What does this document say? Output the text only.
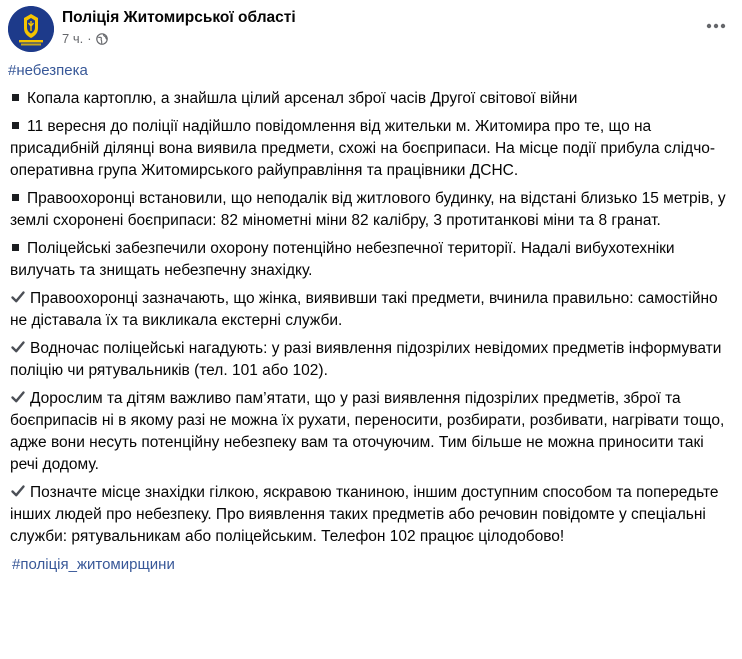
Поліція Житомирської області
7 ч. ·
#небезпека
Копала картоплю, а знайшла цілий арсенал зброї часів Другої світової війни
11 вересня до поліції надійшло повідомлення від жительки м. Житомира про те, що на присадибній ділянці вона виявила предмети, схожі на боєприпаси. На місце події прибула слідчо-оперативна група Житомирського райуправління та працівники ДСНС.
Правоохоронці встановили, що неподалік від житлового будинку, на відстані близько 15 метрів, у землі схоронені боєприпаси: 82 мінометні міни 82 калібру, 3 протитанкові міни та 8 гранат.
Поліцейські забезпечили охорону потенційно небезпечної території. Надалі вибухотехніки вилучать та знищать небезпечну знахідку.
Правоохоронці зазначають, що жінка, виявивши такі предмети, вчинила правильно: самостійно не діставала їх та викликала екстерні служби.
Водночас поліцейські нагадують: у разі виявлення підозрілих невідомих предметів інформувати поліцію чи рятувальників (тел. 101 або 102).
Дорослим та дітям важливо пам’ятати, що у разі виявлення підозрілих предметів, зброї та боєприпасів ні в якому разі не можна їх рухати, переносити, розбирати, розбивати, нагрівати тощо, адже вони несуть потенційну небезпеку вам та оточуючим. Тим більше не можна приносити такі речі додому.
Позначте місце знахідки гілкою, яскравою тканиною, іншим доступним способом та попередьте інших людей про небезпеку. Про виявлення таких предметів або речовин повідомте у спеціальні служби: рятувальникам або поліцейським. Телефон 102 працює цілодобово!
#поліція_житомирщини
